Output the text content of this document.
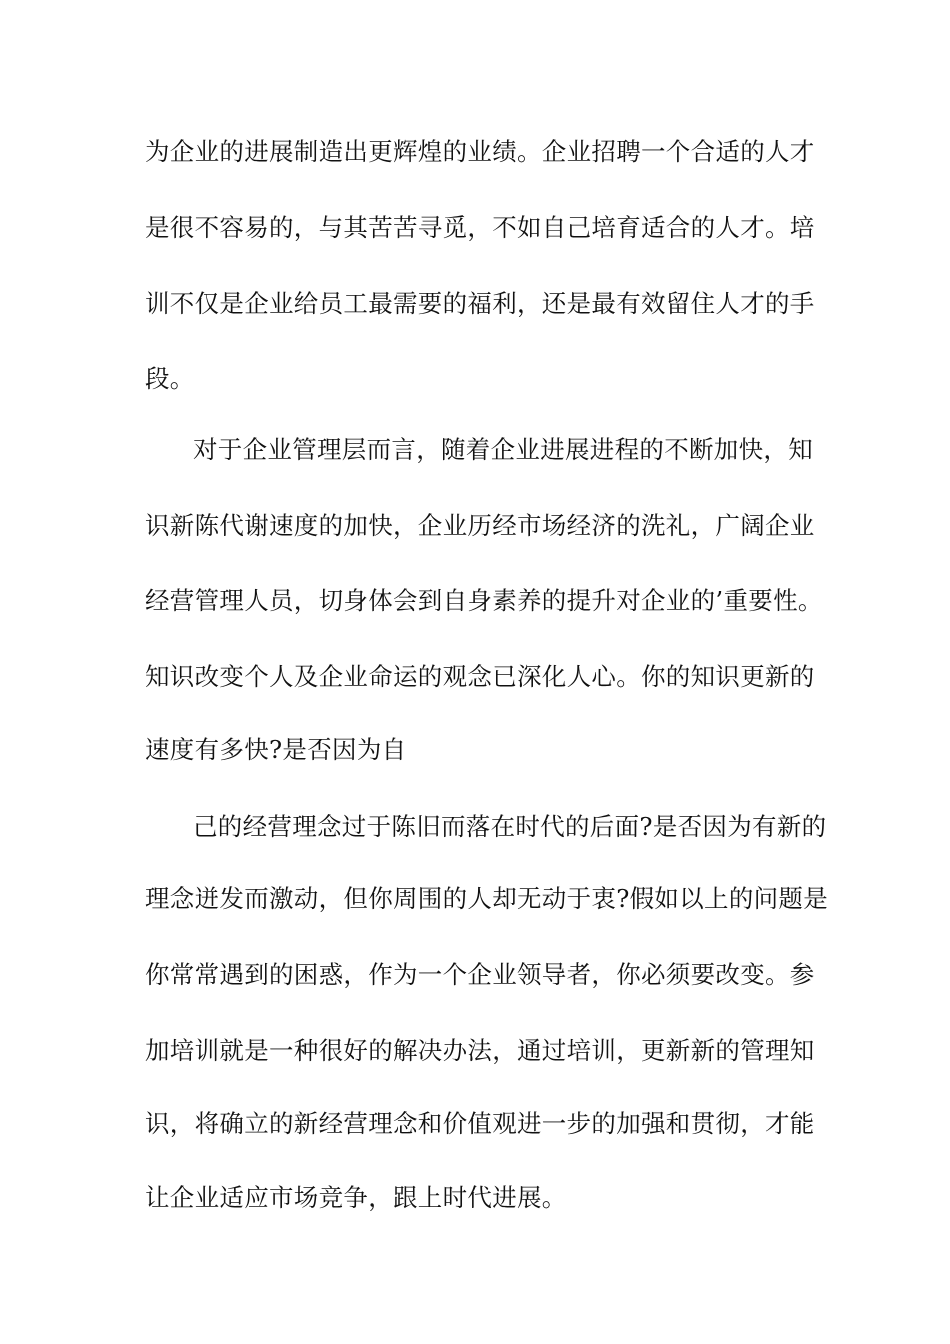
为企业的进展制造出更辉煌的业绩。企业招聘一个合适的人才
是很不容易的，与其苦苦寻觅，不如自己培育适合的人才。培
训不仅是企业给员工最需要的福利，还是最有效留住人才的手
段。
对于企业管理层而言，随着企业进展进程的不断加快，知
识新陈代谢速度的加快，企业历经市场经济的洗礼，广阔企业
经营管理人员，切身体会到自身素养的提升对企业的’重要性。
知识改变个人及企业命运的观念已深化人心。你的知识更新的
速度有多快?是否因为自
己的经营理念过于陈旧而落在时代的后面?是否因为有新的
理念迸发而激动，但你周围的人却无动于衷?假如以上的问题是
你常常遇到的困惑，作为一个企业领导者，你必须要改变。参
加培训就是一种很好的解决办法，通过培训，更新新的管理知
识，将确立的新经营理念和价值观进一步的加强和贯彻，才能
让企业适应市场竞争，跟上时代进展。
